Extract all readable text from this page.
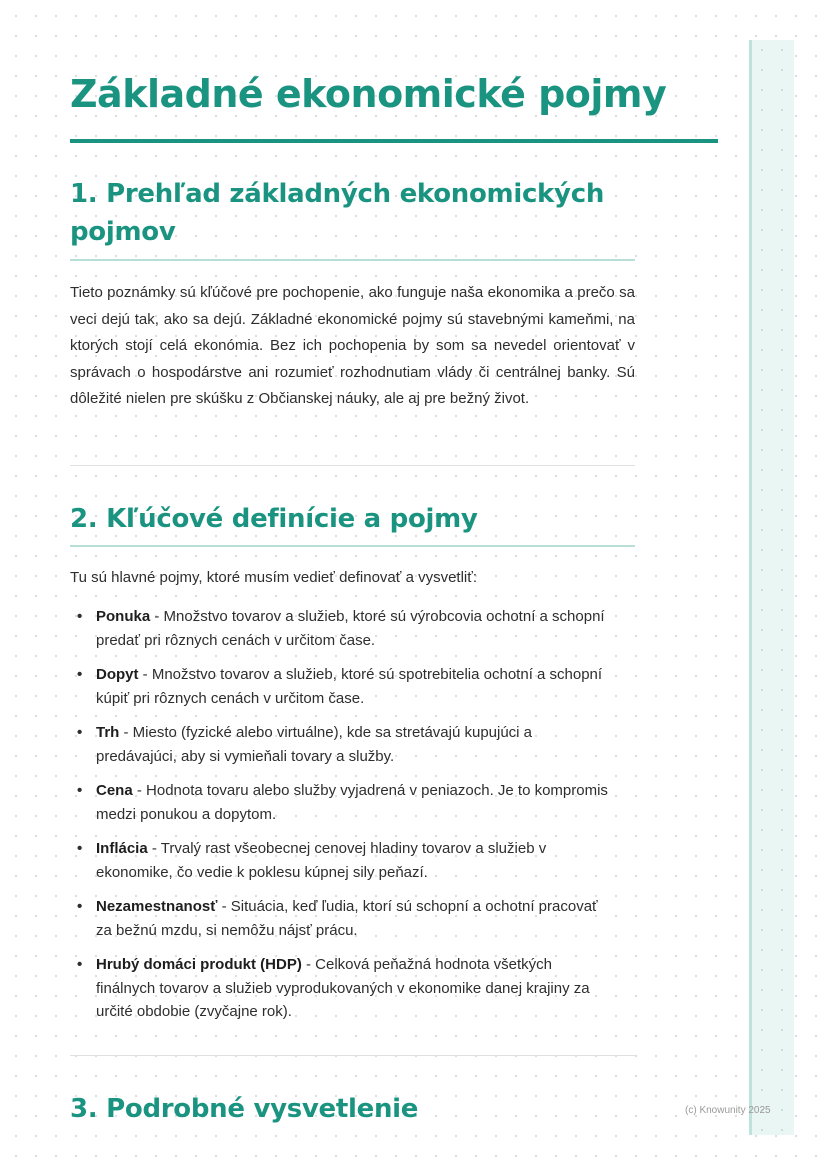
Základné ekonomické pojmy
1. Prehľad základných ekonomických pojmov

Tieto poznámky sú kľúčové pre pochopenie, ako funguje naša ekonomika a prečo sa veci dejú tak, ako sa dejú. Základné ekonomické pojmy sú stavebnými kameňmi, na ktorých stojí celá ekonómia. Bez ich pochopenia by som sa nevedel orientovať v správach o hospodárstve ani rozumieť rozhodnutiam vlády či centrálnej banky. Sú dôležité nielen pre skúšku z Občianskej náuky, ale aj pre bežný život.

2. Kľúčové definície a pojmy

Tu sú hlavné pojmy, ktoré musím vedieť definovať a vysvetliť:

• Ponuka - Množstvo tovarov a služieb, ktoré sú výrobcovia ochotní a schopní predať pri rôznych cenách v určitom čase.
• Dopyt - Množstvo tovarov a služieb, ktoré sú spotrebitelia ochotní a schopní kúpiť pri rôznych cenách v určitom čase.
• Trh - Miesto (fyzické alebo virtuálne), kde sa stretávajú kupujúci a predávajúci, aby si vymieňali tovary a služby.
• Cena - Hodnota tovaru alebo služby vyjadrená v peniazoch. Je to kompromis medzi ponukou a dopytom.
• Inflácia - Trvalý rast všeobecnej cenovej hladiny tovarov a služieb v ekonomike, čo vedie k poklesu kúpnej sily peňazí.
• Nezamestnanosť - Situácia, keď ľudia, ktorí sú schopní a ochotní pracovať za bežnú mzdu, si nemôžu nájsť prácu.
• Hrubý domáci produkt (HDP) - Celková peňažná hodnota všetkých finálnych tovarov a služieb vyprodukovaných v ekonomike danej krajiny za určité obdobie (zvyčajne rok).
3. Podrobné vysvetlenie	(c) Knowunity 2025
